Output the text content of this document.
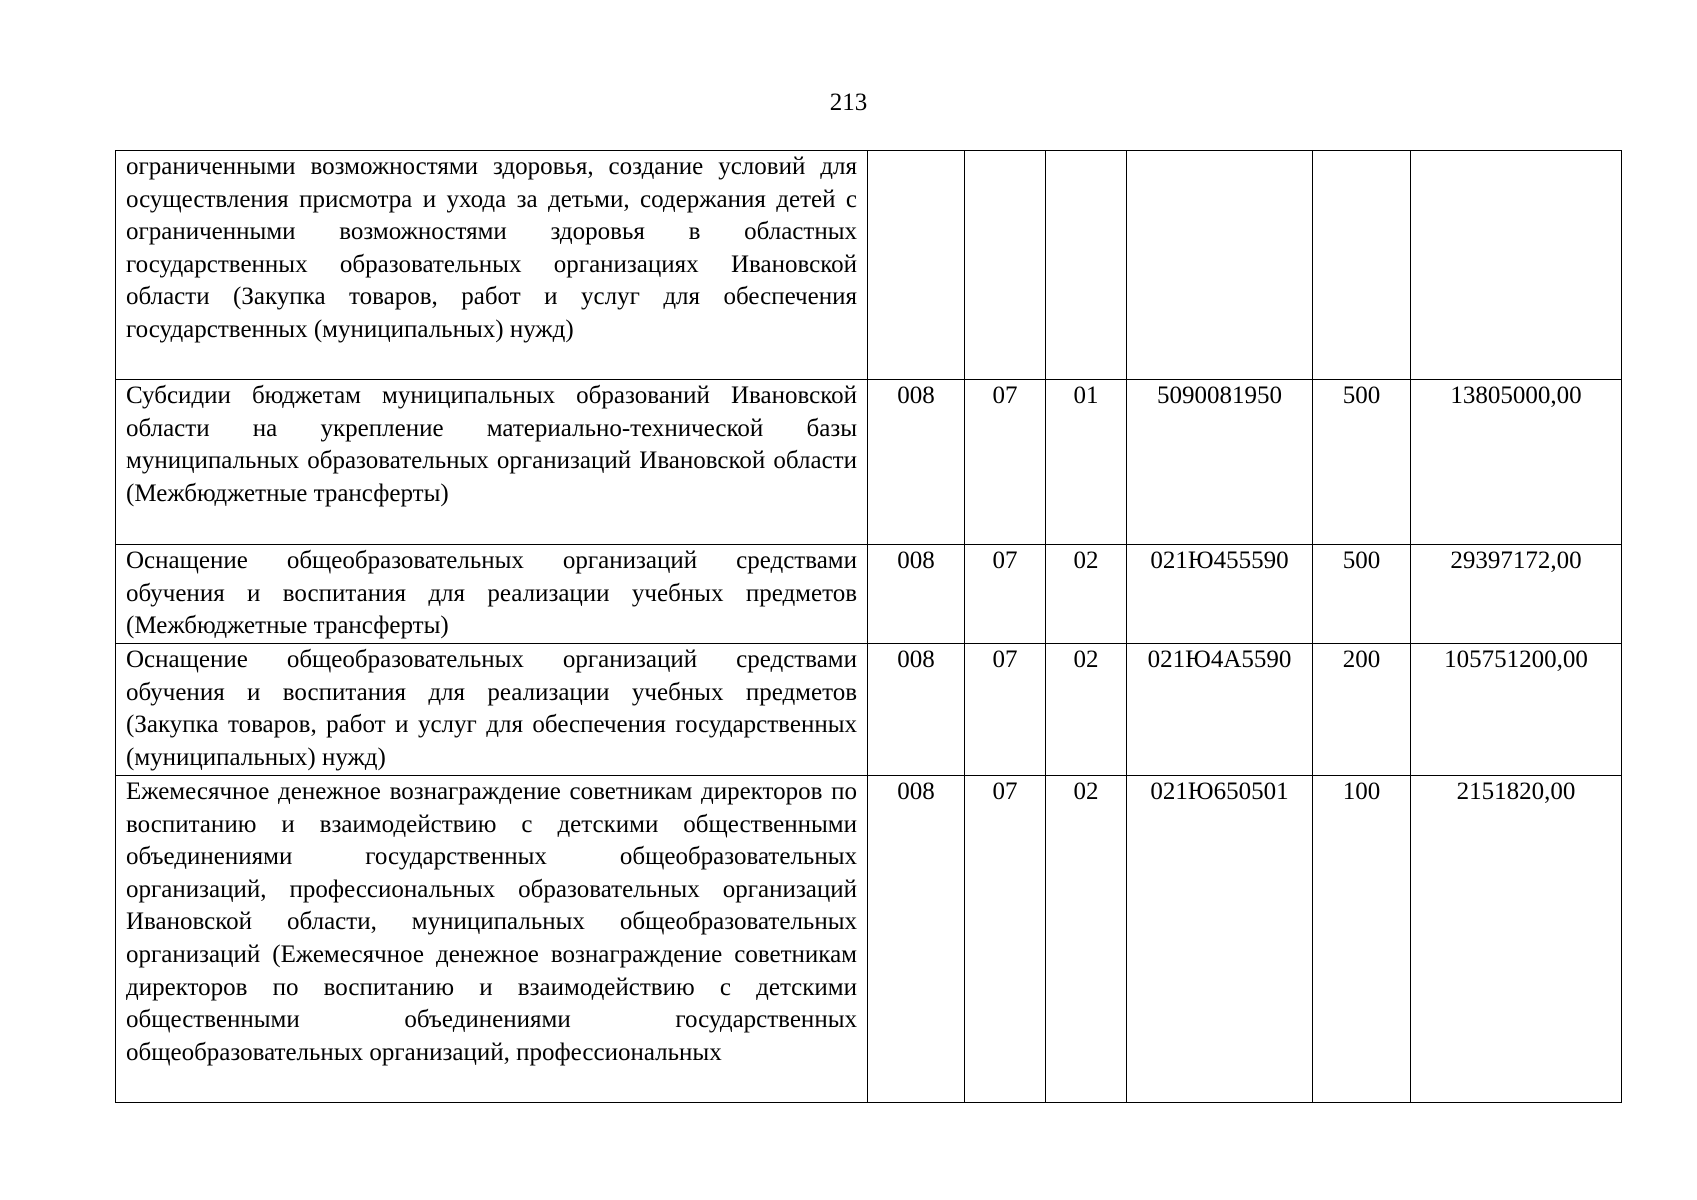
213
ограниченными возможностями здоровья, создание условий для осуществления присмотра и ухода за детьми, содержания детей с ограниченными возможностями здоровья в областных государственных образовательных организациях Ивановской области (Закупка товаров, работ и услуг для обеспечения государственных (муниципальных) нужд)						
Субсидии бюджетам муниципальных образований Ивановской области на укрепление материально-технической базы муниципальных образовательных организаций Ивановской области (Межбюджетные трансферты)	008	07	01	5090081950	500	13805000,00
Оснащение общеобразовательных организаций средствами обучения и воспитания для реализации учебных предметов (Межбюджетные трансферты)	008	07	02	021Ю455590	500	29397172,00
Оснащение общеобразовательных организаций средствами обучения и воспитания для реализации учебных предметов (Закупка товаров, работ и услуг для обеспечения государственных (муниципальных) нужд)	008	07	02	021Ю4А5590	200	105751200,00
Ежемесячное денежное вознаграждение советникам директоров по воспитанию и взаимодействию с детскими общественными объединениями государственных общеобразовательных организаций, профессиональных образовательных организаций Ивановской области, муниципальных общеобразовательных организаций (Ежемесячное денежное вознаграждение советникам директоров по воспитанию и взаимодействию с детскими общественными объединениями государственных общеобразовательных организаций, профессиональных	008	07	02	021Ю650501	100	2151820,00
